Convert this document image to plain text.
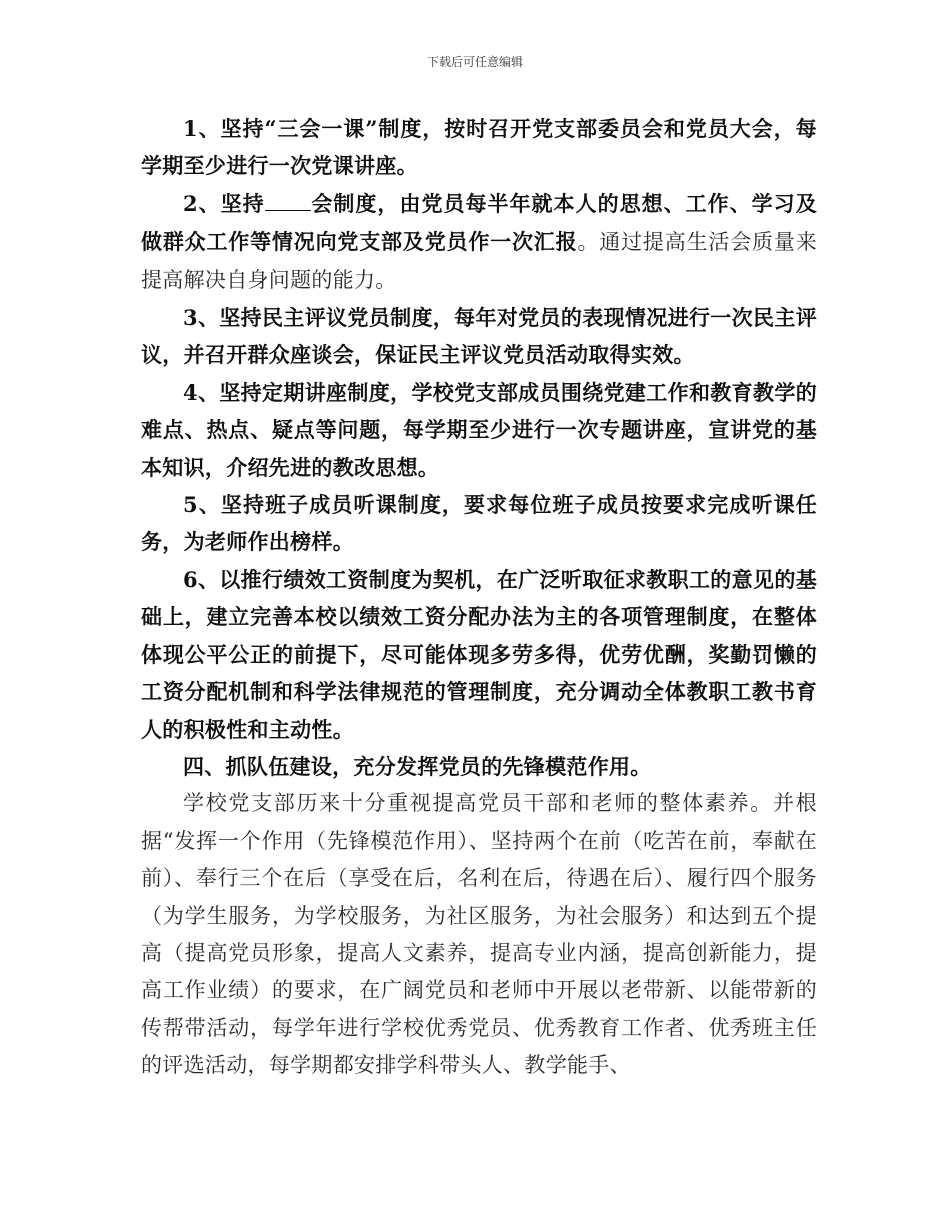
下载后可任意编辑

1、坚持“三会一课”制度，按时召开党支部委员会和党员大会，每学期至少进行一次党课讲座。

2、坚持 会制度，由党员每半年就本人的思想、工作、学习及做群众工作等情况向党支部及党员作一次汇报。通过提高生活会质量来提高解决自身问题的能力。

3、坚持民主评议党员制度，每年对党员的表现情况进行一次民主评议，并召开群众座谈会，保证民主评议党员活动取得实效。

4、坚持定期讲座制度，学校党支部成员围绕党建工作和教育教学的难点、热点、疑点等问题，每学期至少进行一次专题讲座，宣讲党的基本知识，介绍先进的教改思想。

5、坚持班子成员听课制度，要求每位班子成员按要求完成听课任务，为老师作出榜样。

6、以推行绩效工资制度为契机，在广泛听取征求教职工的意见的基础上，建立完善本校以绩效工资分配办法为主的各项管理制度，在整体体现公平公正的前提下，尽可能体现多劳多得，优劳优酬，奖勤罚懒的工资分配机制和科学法律规范的管理制度，充分调动全体教职工教书育人的积极性和主动性。

四、抓队伍建设，充分发挥党员的先锋模范作用。

学校党支部历来十分重视提高党员干部和老师的整体素养。并根据“发挥一个作用（先锋模范作用）、坚持两个在前（吃苦在前，奉献在前）、奉行三个在后（享受在后，名利在后，待遇在后）、履行四个服务（为学生服务，为学校服务，为社区服务，为社会服务）和达到五个提高（提高党员形象，提高人文素养，提高专业内涵，提高创新能力，提高工作业绩）的要求，在广阔党员和老师中开展以老带新、以能带新的传帮带活动，每学年进行学校优秀党员、优秀教育工作者、优秀班主任的评选活动，每学期都安排学科带头人、教学能手、
